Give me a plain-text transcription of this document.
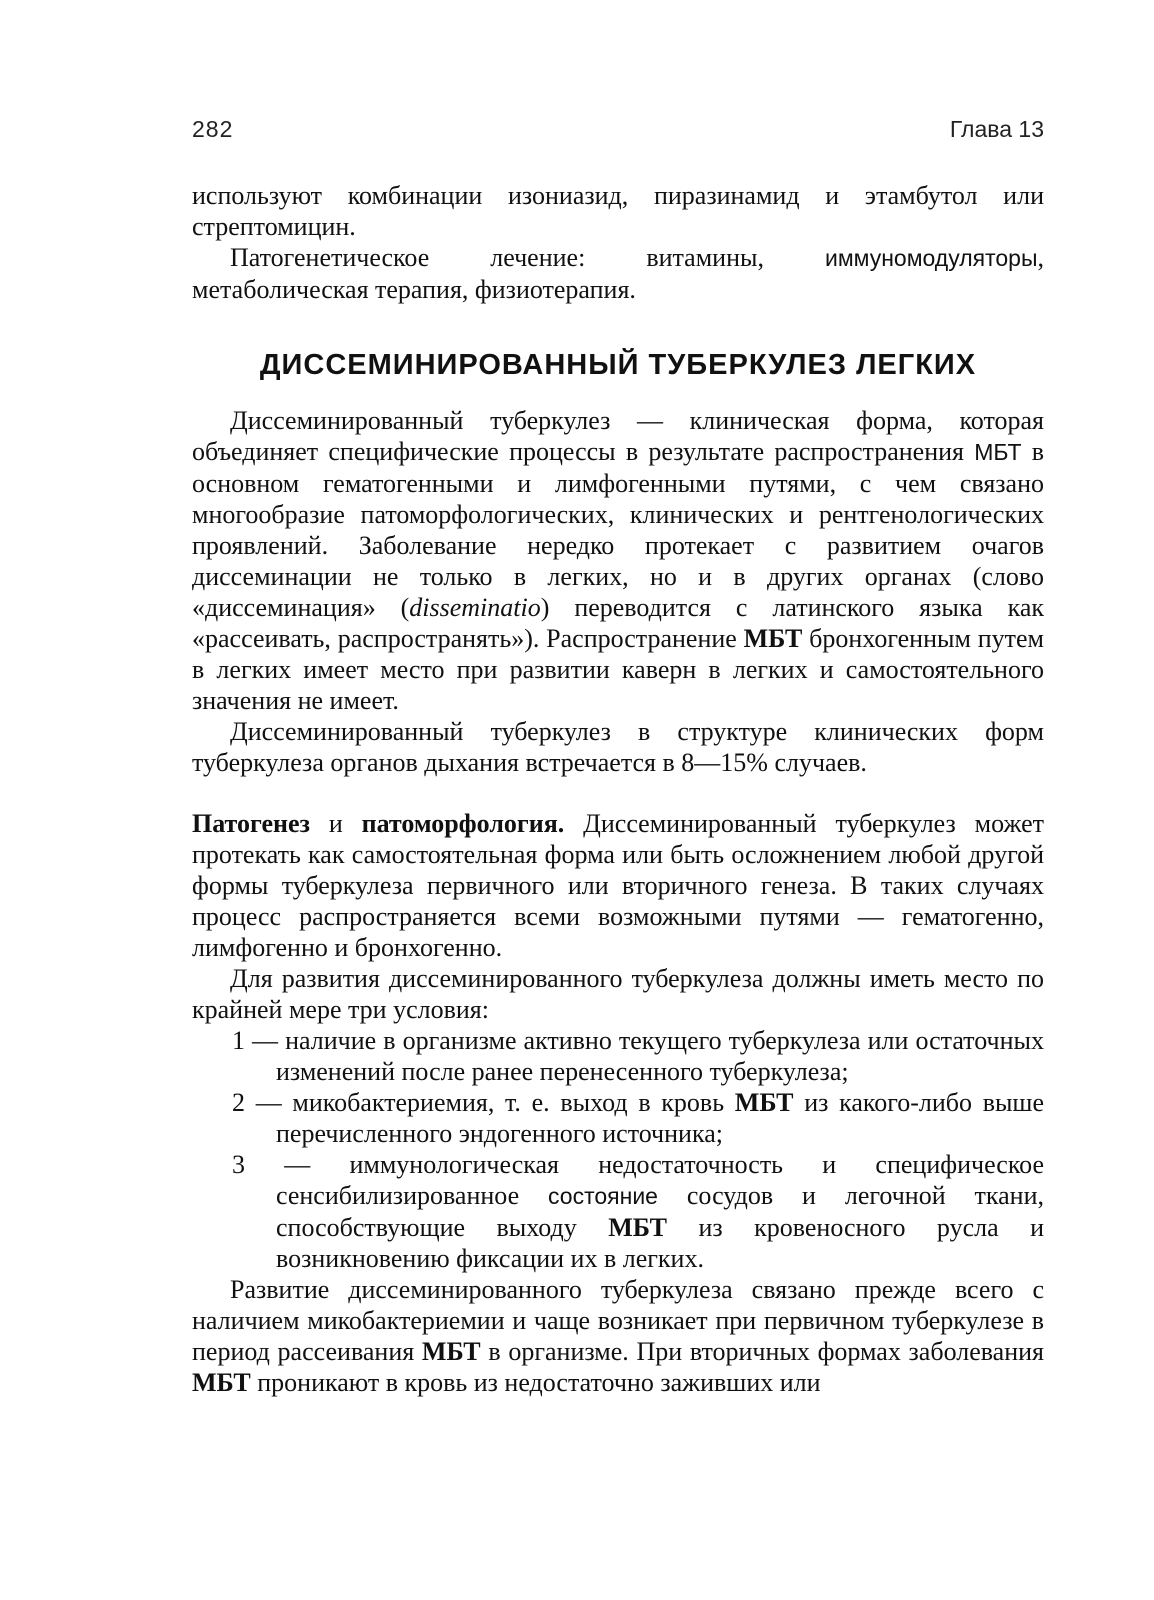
282	Глава 13

используют комбинации изониазид, пиразинамид и этамбутол или стрептомицин.

Патогенетическое лечение: витамины, иммуномодуляторы, метаболическая терапия, физиотерапия.

ДИССЕМИНИРОВАННЫЙ ТУБЕРКУЛЕЗ ЛЕГКИХ

Диссеминированный туберкулез — клиническая форма, которая объединяет специфические процессы в результате распространения МБТ в основном гематогенными и лимфогенными путями, с чем связано многообразие патоморфологических, клинических и рентгенологических проявлений. Заболевание нередко протекает с развитием очагов диссеминации не только в легких, но и в других органах (слово «диссеминация» (disseminatio) переводится с латинского языка как «рассеивать, распространять»). Распространение МБТ бронхогенным путем в легких имеет место при развитии каверн в легких и самостоятельного значения не имеет.

Диссеминированный туберкулез в структуре клинических форм туберкулеза органов дыхания встречается в 8—15% случаев.

Патогенез и патоморфология. Диссеминированный туберкулез может протекать как самостоятельная форма или быть осложнением любой другой формы туберкулеза первичного или вторичного генеза. В таких случаях процесс распространяется всеми возможными путями — гематогенно, лимфогенно и бронхогенно.

Для развития диссеминированного туберкулеза должны иметь место по крайней мере три условия:

1 — наличие в организме активно текущего туберкулеза или остаточных изменений после ранее перенесенного туберкулеза;
2 — микобактериемия, т. е. выход в кровь МБТ из какого-либо выше перечисленного эндогенного источника;
3 — иммунологическая недостаточность и специфическое сенсибилизированное состояние сосудов и легочной ткани, способствующие выходу МБТ из кровеносного русла и возникновению фиксации их в легких.

Развитие диссеминированного туберкулеза связано прежде всего с наличием микобактериемии и чаще возникает при первичном туберкулезе в период рассеивания МБТ в организме. При вторичных формах заболевания МБТ проникают в кровь из недостаточно заживших или
